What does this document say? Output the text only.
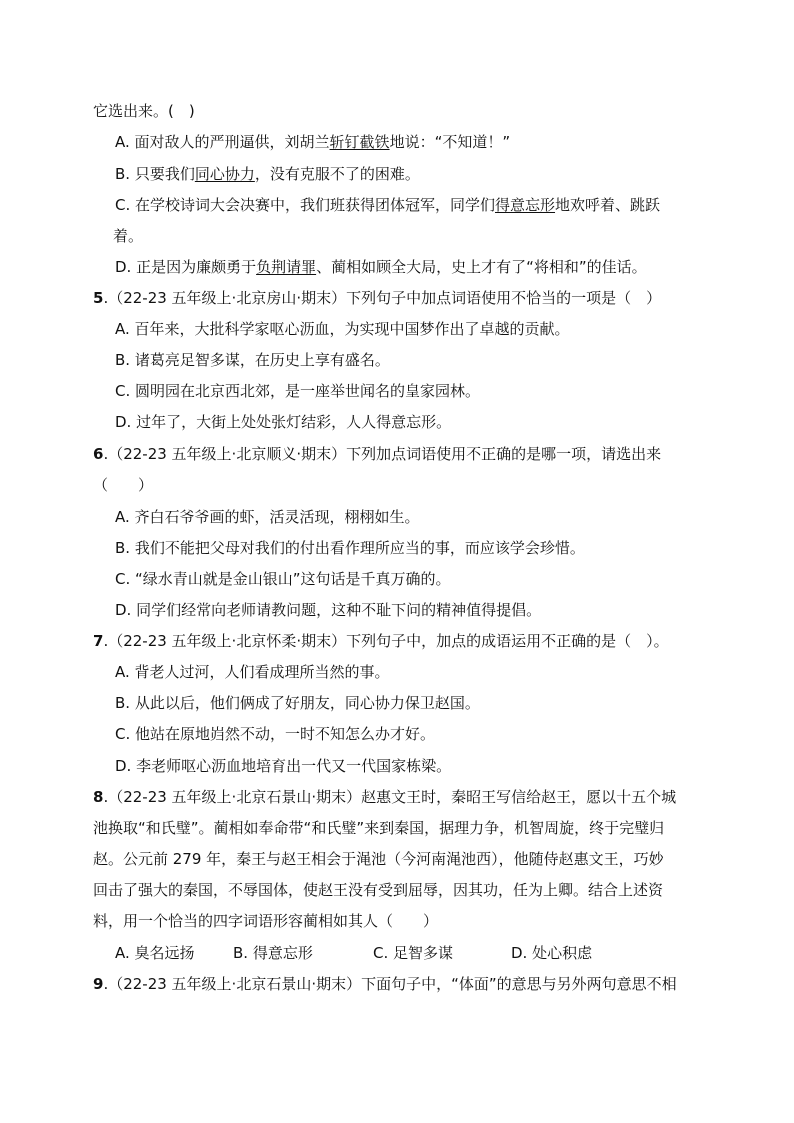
它选出来。(　)
A. 面对敌人的严刑逼供，刘胡兰斩钉截铁地说：“不知道！”
B. 只要我们同心协力，没有克服不了的困难。
C. 在学校诗词大会决赛中，我们班获得团体冠军，同学们得意忘形地欢呼着、跳跃
着。
D. 正是因为廉颇勇于负荆请罪、蔺相如顾全大局，史上才有了“将相和”的佳话。
5.（22-23 五年级上·北京房山·期末）下列句子中加点词语使用不恰当的一项是（　）
A. 百年来，大批科学家呕心沥血，为实现中国梦作出了卓越的贡献。
B. 诸葛亮足智多谋，在历史上享有盛名。
C. 圆明园在北京西北郊，是一座举世闻名的皇家园林。
D. 过年了，大街上处处张灯结彩，人人得意忘形。
6.（22-23 五年级上·北京顺义·期末）下列加点词语使用不正确的是哪一项，请选出来
（　　）
A. 齐白石爷爷画的虾，活灵活现，栩栩如生。
B. 我们不能把父母对我们的付出看作理所应当的事，而应该学会珍惜。
C. “绿水青山就是金山银山”这句话是千真万确的。
D. 同学们经常向老师请教问题，这种不耻下问的精神值得提倡。
7.（22-23 五年级上·北京怀柔·期末）下列句子中，加点的成语运用不正确的是（　）。
A. 背老人过河，人们看成理所当然的事。
B. 从此以后，他们俩成了好朋友，同心协力保卫赵国。
C. 他站在原地岿然不动，一时不知怎么办才好。
D. 李老师呕心沥血地培育出一代又一代国家栋梁。
8.（22-23 五年级上·北京石景山·期末）赵惠文王时，秦昭王写信给赵王，愿以十五个城
池换取“和氏璧”。蔺相如奉命带“和氏璧”来到秦国，据理力争，机智周旋，终于完璧归
赵。公元前 279 年，秦王与赵王相会于渑池（今河南渑池西），他随侍赵惠文王，巧妙
回击了强大的秦国，不辱国体，使赵王没有受到屈辱，因其功，任为上卿。结合上述资
料，用一个恰当的四字词语形容蔺相如其人（　　）
A. 臭名远扬	B. 得意忘形	C. 足智多谋	D. 处心积虑
9.（22-23 五年级上·北京石景山·期末）下面句子中，“体面”的意思与另外两句意思不相
